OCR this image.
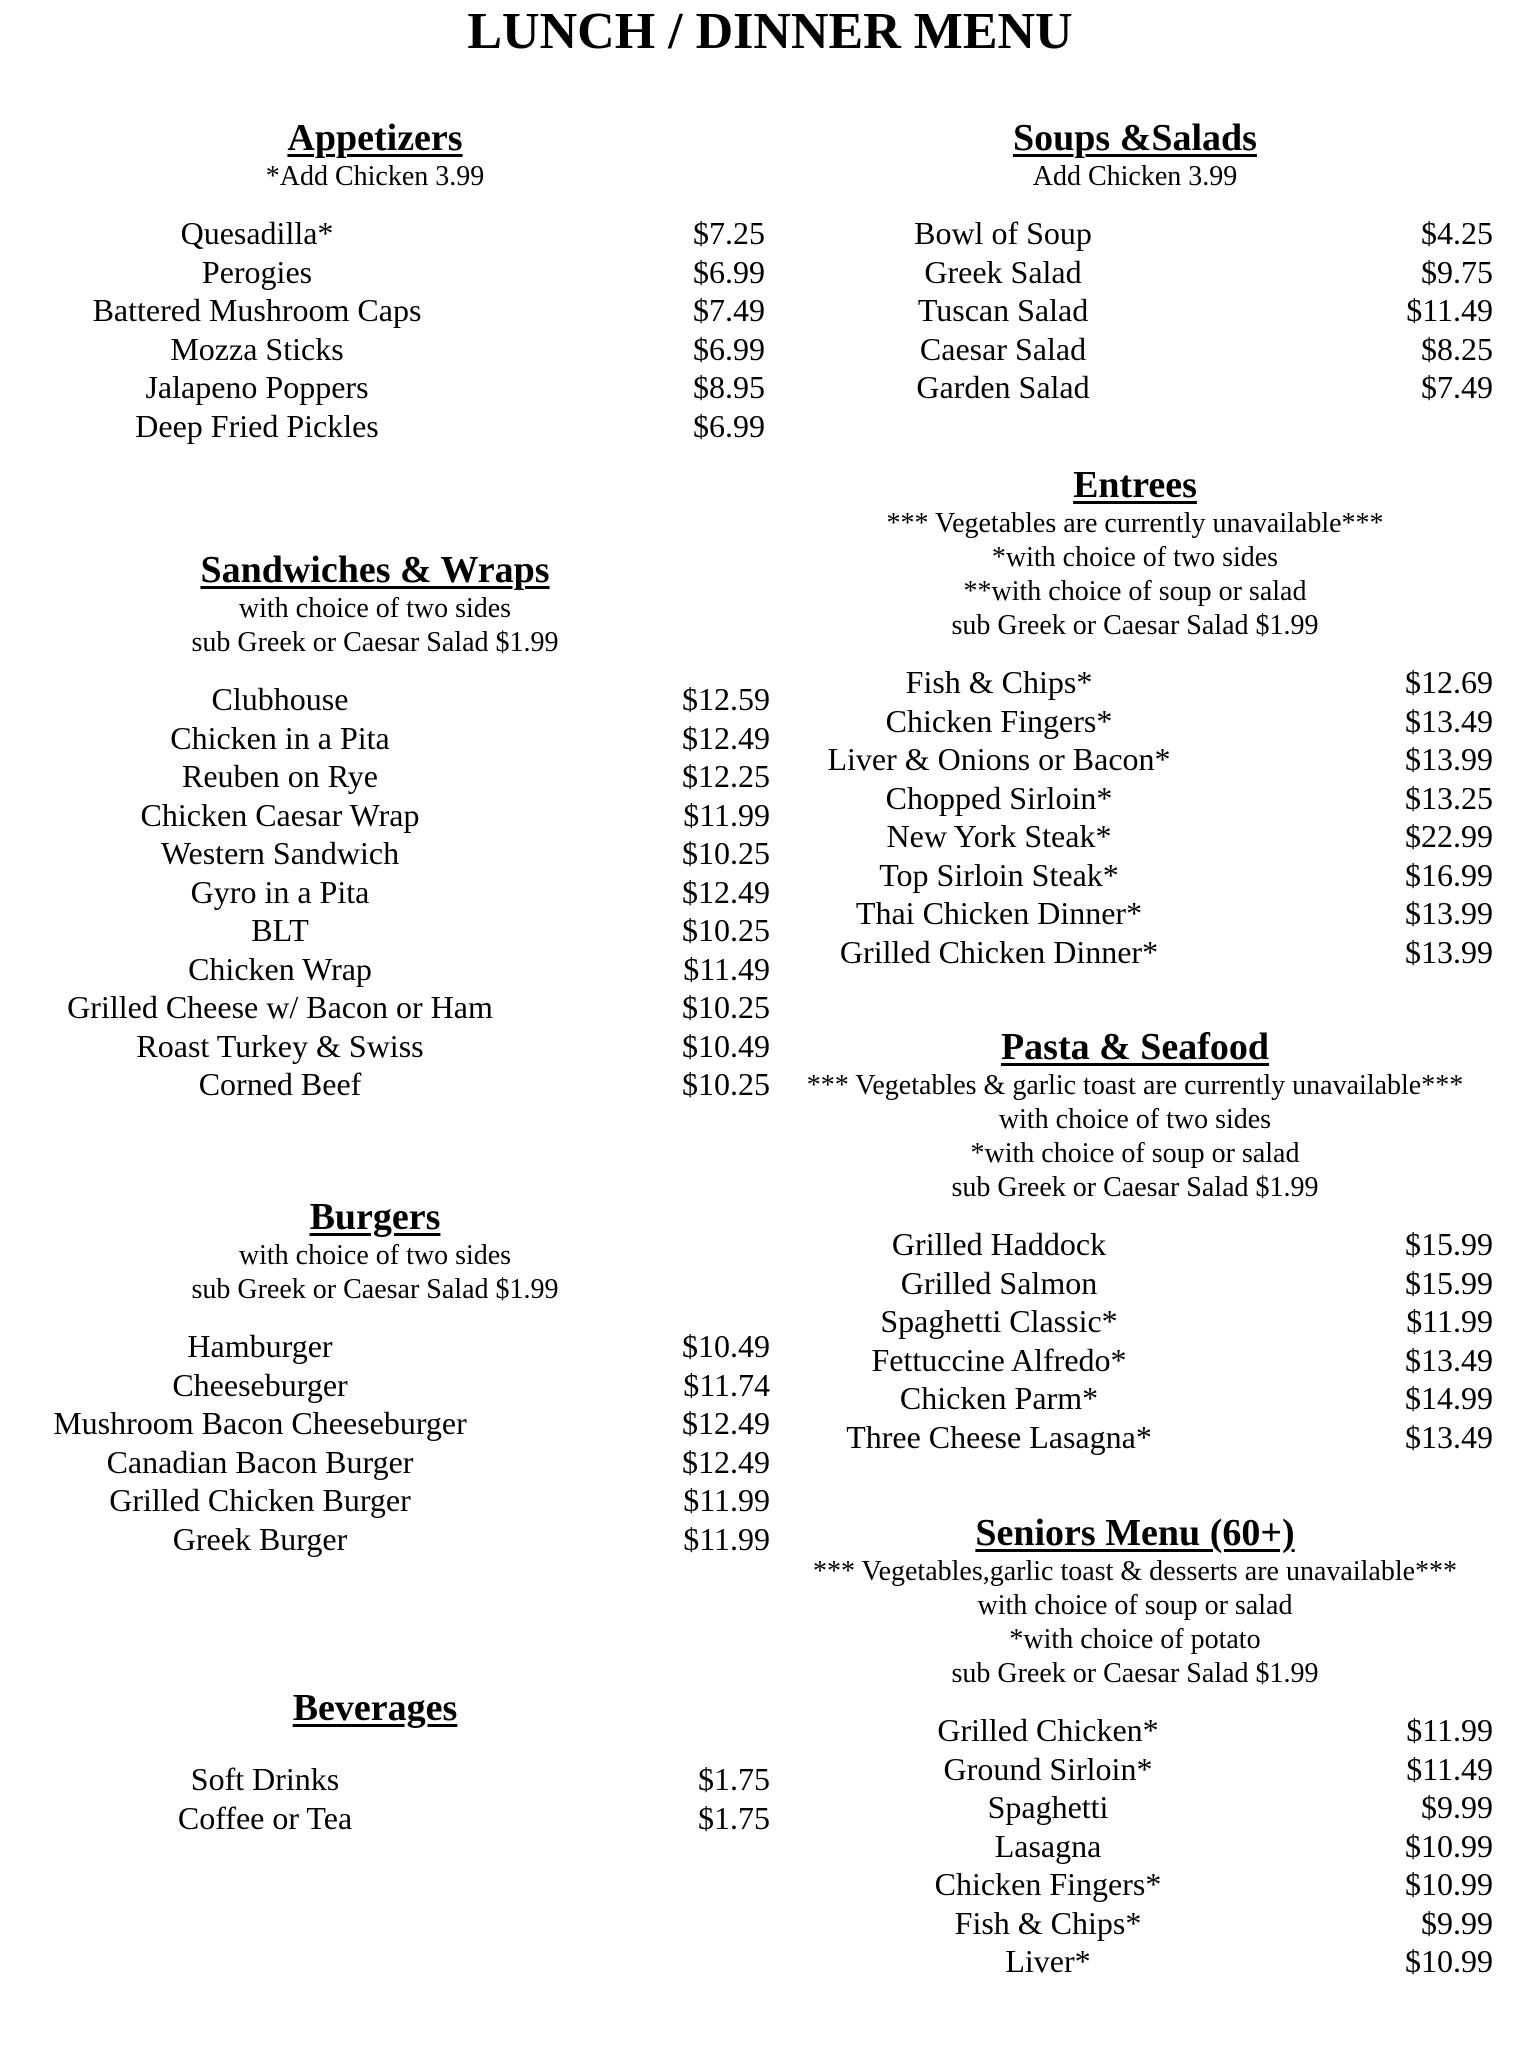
LUNCH / DINNER MENU
Appetizers
*Add Chicken 3.99
Quesadilla*	$7.25
Perogies	$6.99
Battered Mushroom Caps	$7.49
Mozza Sticks	$6.99
Jalapeno Poppers	$8.95
Deep Fried Pickles	$6.99
Sandwiches & Wraps
with choice of two sides
sub Greek or Caesar Salad $1.99
Clubhouse	$12.59
Chicken in a Pita	$12.49
Reuben on Rye	$12.25
Chicken Caesar Wrap	$11.99
Western Sandwich	$10.25
Gyro in a Pita	$12.49
BLT	$10.25
Chicken Wrap	$11.49
Grilled Cheese w/ Bacon or Ham	$10.25
Roast Turkey & Swiss	$10.49
Corned Beef	$10.25
Burgers
with choice of two sides
sub Greek or Caesar Salad $1.99
Hamburger	$10.49
Cheeseburger	$11.74
Mushroom Bacon Cheeseburger	$12.49
Canadian Bacon Burger	$12.49
Grilled Chicken Burger	$11.99
Greek Burger	$11.99
Beverages
Soft Drinks	$1.75
Coffee or Tea	$1.75
Soups &Salads
Add Chicken 3.99
Bowl of Soup	$4.25
Greek Salad	$9.75
Tuscan Salad	$11.49
Caesar Salad	$8.25
Garden Salad	$7.49
Entrees
*** Vegetables are currently unavailable***
*with choice of two sides
**with choice of soup or salad
sub Greek or Caesar Salad $1.99
Fish & Chips*	$12.69
Chicken Fingers*	$13.49
Liver & Onions or Bacon*	$13.99
Chopped Sirloin*	$13.25
New York Steak*	$22.99
Top Sirloin Steak*	$16.99
Thai Chicken Dinner*	$13.99
Grilled Chicken Dinner*	$13.99
Pasta & Seafood
*** Vegetables & garlic toast are currently unavailable***
with choice of two sides
*with choice of soup or salad
sub Greek or Caesar Salad $1.99
Grilled Haddock	$15.99
Grilled Salmon	$15.99
Spaghetti Classic*	$11.99
Fettuccine Alfredo*	$13.49
Chicken Parm*	$14.99
Three Cheese Lasagna*	$13.49
Seniors Menu (60+)
*** Vegetables,garlic toast & desserts are unavailable***
with choice of soup or salad
*with choice of potato
sub Greek or Caesar Salad $1.99
Grilled Chicken*	$11.99
Ground Sirloin*	$11.49
Spaghetti	$9.99
Lasagna	$10.99
Chicken Fingers*	$10.99
Fish & Chips*	$9.99
Liver*	$10.99
